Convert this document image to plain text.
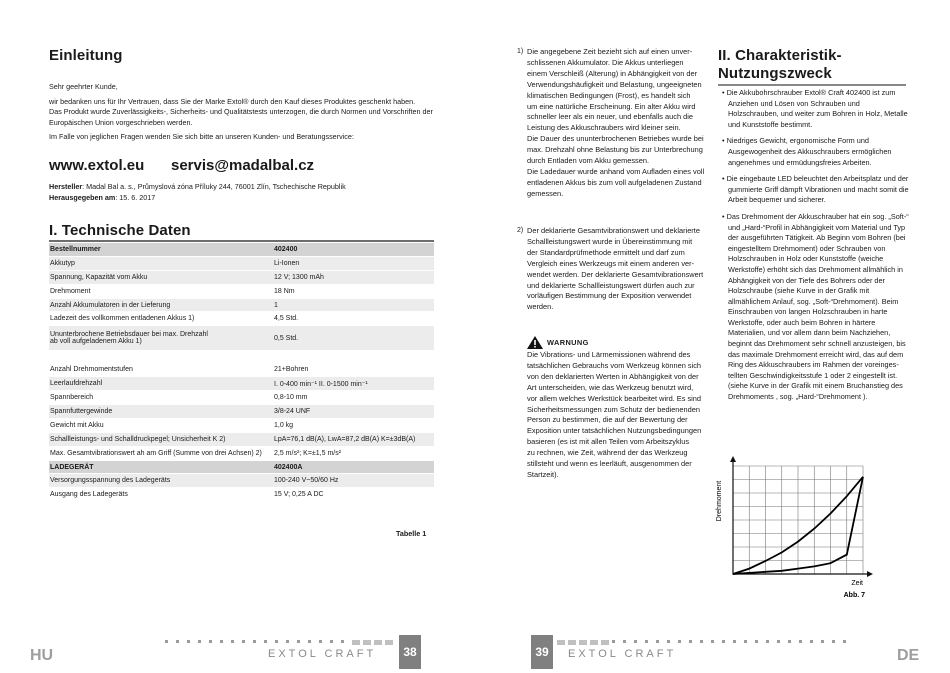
Einleitung
Sehr geehrter Kunde,
wir bedanken uns für Ihr Vertrauen, dass Sie der Marke Extol® durch den Kauf dieses Produktes geschenkt haben.
Das Produkt wurde Zuverlässigkeits-, Sicherheits- und Qualitätstests unterzogen, die durch Normen und Vorschriften der
Europäischen Union vorgeschrieben werden.
Im Falle von jeglichen Fragen wenden Sie sich bitte an unseren Kunden- und Beratungsservice:
www.extol.eu servis@madalbal.cz
Hersteller: Madal Bal a. s., Průmyslová zóna Příluky 244, 76001 Zlín, Tschechische Republik
Herausgegeben am: 15. 6. 2017
I. Technische Daten
Bestellnummer	402400
Akkutyp	Li-Ionen
Spannung, Kapazität vom Akku	12 V; 1300 mAh
Drehmoment	18 Nm
Anzahl Akkumulatoren in der Lieferung	1
Ladezeit des vollkommen entladenen Akkus 1)	4,5 Std.
Ununterbrochene Betriebsdauer bei max. Drehzahl
ab voll aufgeladenem Akku 1)	0,5 Std.

Anzahl Drehmomentstufen	21+Bohren
Leerlaufdrehzahl	I. 0-400 min⁻¹ II. 0-1500 min⁻¹
Spannbereich	0,8-10 mm
Spannfuttergewinde	3/8-24 UNF
Gewicht mit Akku	1,0 kg
Schallleistungs- und Schalldruckpegel; Unsicherheit K 2)	LpA=76,1 dB(A), LwA=87,2 dB(A) K=±3dB(A)
Max. Gesamtvibrationswert ah am Griff (Summe von drei Achsen) 2)	2,5 m/s²; K=±1,5 m/s²
LADEGERÄT	402400A
Versorgungsspannung des Ladegeräts	100-240 V~50/60 Hz
Ausgang des Ladegeräts	15 V; 0,25 A DC
Tabelle 1
HU	EXTOL CRAFT	38
1) Die angegebene Zeit bezieht sich auf einen unver-
schlissenen Akkumulator. Die Akkus unterliegen
einem Verschleiß (Alterung) in Abhängigkeit von der
Verwendungshäufigkeit und Belastung, ungeeigneten
klimatischen Bedingungen (Frost), es handelt sich
um eine natürliche Erscheinung. Ein alter Akku wird
schneller leer als ein neuer, und ebenfalls auch die
Leistung des Akkuschraubers wird kleiner sein.
Die Dauer des ununterbrochenen Betriebes wurde bei
max. Drehzahl ohne Belastung bis zur Unterbrechung
durch Entladen vom Akku gemessen.
Die Ladedauer wurde anhand vom Aufladen eines voll
entladenen Akkus bis zum voll aufgeladenen Zustand
gemessen.
2) Der deklarierte Gesamtvibrationswert und deklarierte
Schallleistungswert wurde in Übereinstimmung mit
der Standardprüfmethode ermittelt und darf zum
Vergleich eines Werkzeugs mit einem anderen ver-
wendet werden. Der deklarierte Gesamtvibrationswert
und deklarierte Schallleistungswert dürfen auch zur
vorläufigen Bestimmung der Exposition verwendet
werden.
WARNUNG
Die Vibrations- und Lärmemissionen während des
tatsächlichen Gebrauchs vom Werkzeug können sich
von den deklarierten Werten in Abhängigkeit von der
Art unterscheiden, wie das Werkzeug benutzt wird,
vor allem welches Werkstück bearbeitet wird. Es sind
Sicherheitsmessungen zum Schutz der bedienenden
Person zu bestimmen, die auf der Bewertung der
Exposition unter tatsächlichen Nutzungsbedingungen
basieren (es ist mit allen Teilen vom Arbeitszyklus
zu rechnen, wie Zeit, während der das Werkzeug
stillsteht und wenn es leerläuft, ausgenommen der
Startzeit).
II. Charakteristik-
Nutzungszweck
• Die Akkubohrschrauber Extol® Craft 402400 ist zum Anziehen und Lösen von Schrauben und Holzschrauben, und weiter zum Bohren in Holz, Metalle und Kunststoffe bestimmt.
• Niedriges Gewicht, ergonomische Form und Ausgewogenheit des Akkuschraubers ermöglichen angenehmes und ermüdungsfreies Arbeiten.
• Die eingebaute LED beleuchtet den Arbeitsplatz und der gummierte Griff dämpft Vibrationen und macht somit die Arbeit bequemer und sicherer.
• Das Drehmoment der Akkuschrauber hat ein sog. „Soft-“ und „Hard-“Profil in Abhängigkeit vom Material und Typ der ausgeführten Tätigkeit. Ab Beginn vom Bohren (bei eingestelltem Drehmoment) oder Schrauben von Holzschrauben in Holz oder Kunststoffe (weiche Werkstoffe) erhöht sich das Drehmoment allmählich in Abhängigkeit von der Tiefe des Bohrers oder der Holzschraube (siehe Kurve in der Grafik mit allmählichem Anlauf, sog. „Soft-“Drehmoment). Beim Einschrauben von langen Holzschrauben in harte Werkstoffe, oder auch beim Bohren in härtere Materialien, und vor allem dann beim Nachziehen, beginnt das Drehmoment sehr schnell anzusteigen, bis das maximale Drehmoment erreicht wird, das auf dem Ring des Akkuschraubers im Rahmen der voreinges-tellten Geschwindigkeitsstufe 1 oder 2 eingestellt ist. (siehe Kurve in der Grafik mit einem Bruchanstieg des Drehmoments , sog. „Hard-“Drehmoment ).
Drehmoment
Zeit
Abb. 7
39	EXTOL CRAFT	DE
